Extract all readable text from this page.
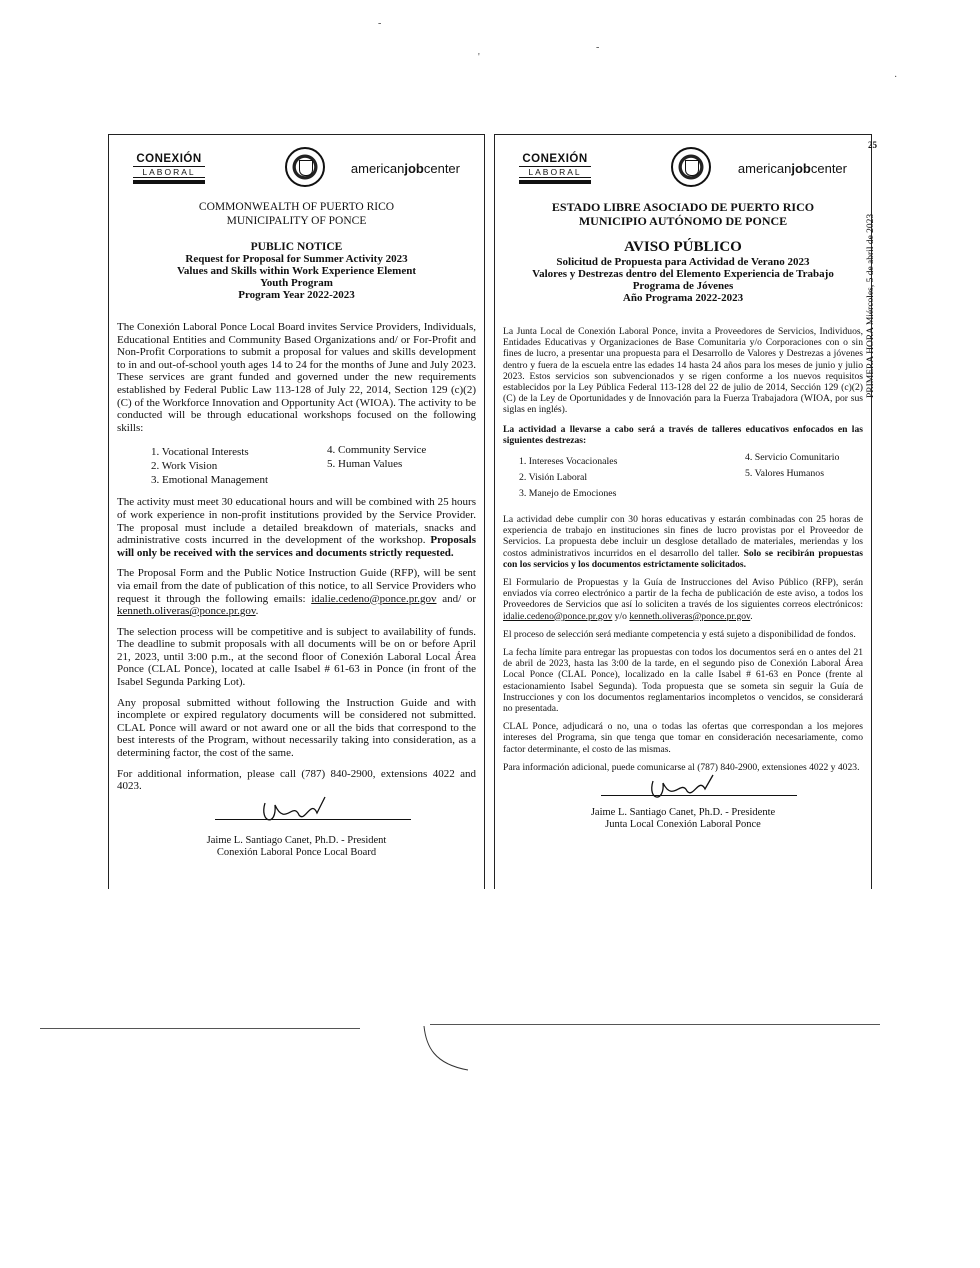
-
'
-
·
CONEXIÓN
LABORAL	americanjobcenter
COMMONWEALTH OF PUERTO RICO
MUNICIPALITY OF PONCE
PUBLIC NOTICE
Request for Proposal for Summer Activity 2023
Values and Skills within Work Experience Element
Youth Program
Program Year 2022-2023

The Conexión Laboral Ponce Local Board invites Service Providers, Individuals, Educational Entities and Community Based Organizations and/ or For-Profit and Non-Profit Corporations to submit a proposal for values and skills development to in and out-of-school youth ages 14 to 24 for the months of June and July 2023. These services are grant funded and governed under the new requirements established by Federal Public Law 113-128 of July 22, 2014, Section 129 (c)(2)(C) of the Workforce Innovation and Opportunity Act (WIOA). The activity to be conducted will be through educational workshops focused on the following skills:

1. Vocational Interests
2. Work Vision
3. Emotional Management
4. Community Service
5. Human Values

The activity must meet 30 educational hours and will be combined with 25 hours of work experience in non-profit institutions provided by the Service Provider. The proposal must include a detailed breakdown of materials, snacks and administrative costs incurred in the development of the workshop. Proposals will only be received with the services and documents strictly requested.

The Proposal Form and the Public Notice Instruction Guide (RFP), will be sent via email from the date of publication of this notice, to all Service Providers who request it through the following emails: idalie.cedeno@ponce.pr.gov and/ or kenneth.oliveras@ponce.pr.gov.

The selection process will be competitive and is subject to availability of funds. The deadline to submit proposals with all documents will be on or before April 21, 2023, until 3:00 p.m., at the second floor of Conexión Laboral Local Área Ponce (CLAL Ponce), located at calle Isabel # 61-63 in Ponce (in front of the Isabel Segunda Parking Lot).

Any proposal submitted without following the Instruction Guide and with incomplete or expired regulatory documents will be considered not submitted. CLAL Ponce will award or not award one or all the bids that correspond to the best interests of the Program, without necessarily taking into consideration, as a determining factor, the cost of the same.

For additional information, please call (787) 840-2900, extensions 4022 and 4023.

Jaime L. Santiago Canet, Ph.D. - President
Conexión Laboral Ponce Local Board
CONEXIÓN
LABORAL	americanjobcenter
ESTADO LIBRE ASOCIADO DE PUERTO RICO
MUNICIPIO AUTÓNOMO DE PONCE
AVISO PÚBLICO
Solicitud de Propuesta para Actividad de Verano 2023
Valores y Destrezas dentro del Elemento Experiencia de Trabajo
Programa de Jóvenes
Año Programa 2022-2023

La Junta Local de Conexión Laboral Ponce, invita a Proveedores de Servicios, Individuos, Entidades Educativas y Organizaciones de Base Comunitaria y/o Corporaciones con o sin fines de lucro, a presentar una propuesta para el Desarrollo de Valores y Destrezas a jóvenes dentro y fuera de la escuela entre las edades 14 hasta 24 años para los meses de junio y julio 2023. Estos servicios son subvencionados y se rigen conforme a los nuevos requisitos establecidos por la Ley Pública Federal 113-128 del 22 de julio de 2014, Sección 129 (c)(2)(C) de la Ley de Oportunidades y de Innovación para la Fuerza Trabajadora (WIOA, por sus siglas en inglés).

La actividad a llevarse a cabo será a través de talleres educativos enfocados en las siguientes destrezas:

1. Intereses Vocacionales
2. Visión Laboral
3. Manejo de Emociones
4. Servicio Comunitario
5. Valores Humanos

La actividad debe cumplir con 30 horas educativas y estarán combinadas con 25 horas de experiencia de trabajo en instituciones sin fines de lucro provistas por el Proveedor de Servicios. La propuesta debe incluir un desglose detallado de materiales, meriendas y los costos administrativos incurridos en el desarrollo del taller. Solo se recibirán propuestas con los servicios y los documentos estrictamente solicitados.

El Formulario de Propuestas y la Guía de Instrucciones del Aviso Público (RFP), serán enviados vía correo electrónico a partir de la fecha de publicación de este aviso, a todos los Proveedores de Servicios que así lo soliciten a través de los siguientes correos electrónicos: idalie.cedeno@ponce.pr.gov y/o kenneth.oliveras@ponce.pr.gov.

El proceso de selección será mediante competencia y está sujeto a disponibilidad de fondos.

La fecha límite para entregar las propuestas con todos los documentos será en o antes del 21 de abril de 2023, hasta las 3:00 de la tarde, en el segundo piso de Conexión Laboral Área Local Ponce (CLAL Ponce), localizado en la calle Isabel # 61-63 en Ponce (frente al estacionamiento Isabel Segunda). Toda propuesta que se someta sin seguir la Guía de Instrucciones y con los documentos reglamentarios incompletos o vencidos, se considerará no presentada.

CLAL Ponce, adjudicará o no, una o todas las ofertas que correspondan a los mejores intereses del Programa, sin que tenga que tomar en consideración necesariamente, como factor determinante, el costo de las mismas.

Para información adicional, puede comunicarse al (787) 840-2900, extensiones 4022 y 4023.

Jaime L. Santiago Canet, Ph.D. - Presidente
Junta Local Conexión Laboral Ponce
PRIMERA HORA Miércoles, 5 de abril de 2023
25
